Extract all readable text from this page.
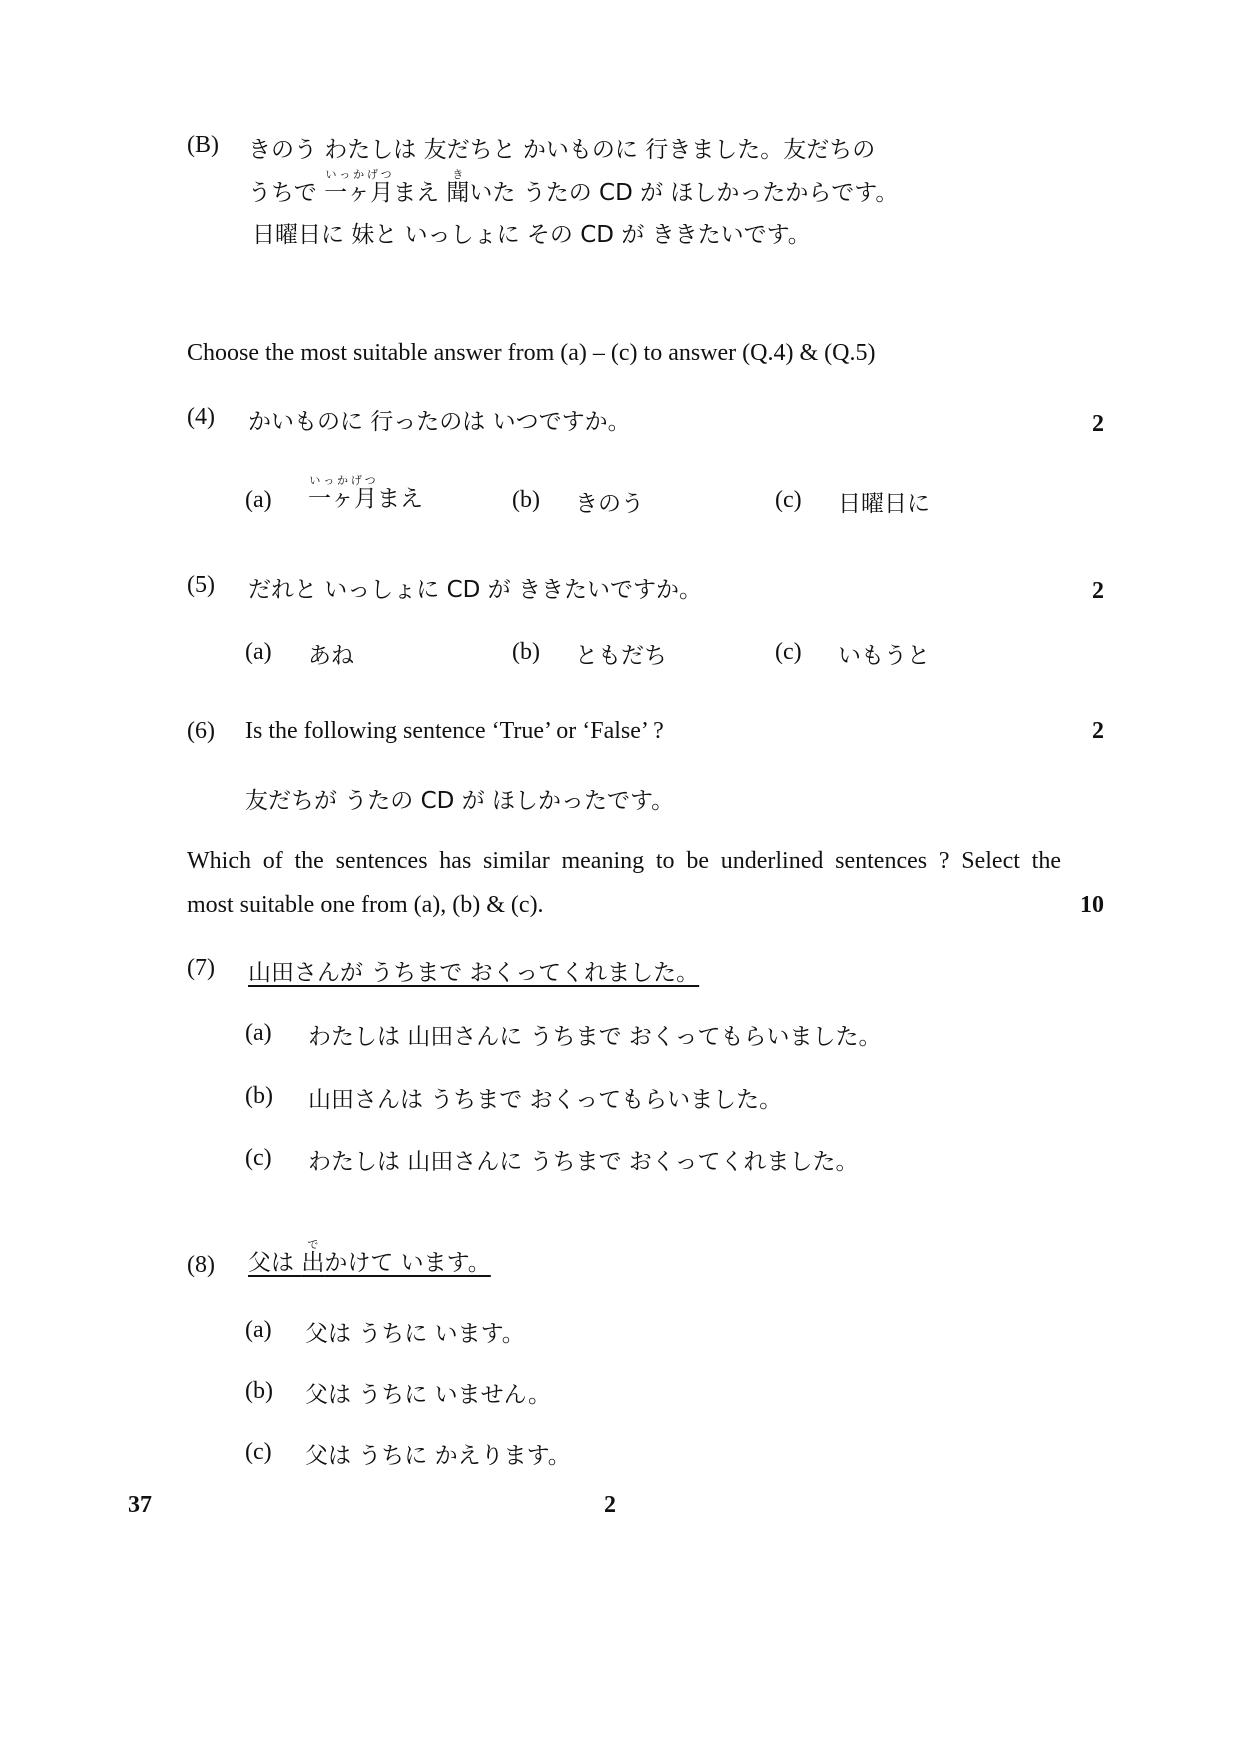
(B) きのう わたしは 友だちと かいものに 行きました。友だちの
うちで 一ヶ月いっかげつまえ 聞きいた うたの CD が ほしかったからです。
日曜日に 妹と いっしょに その CD が ききたいです。
Choose the most suitable answer from (a) – (c) to answer (Q.4) & (Q.5)
(4) かいものに 行ったのは いつですか。	2
(a) 一ヶ月いっかげつまえ	(b) きのう	(c) 日曜日に
(5) だれと いっしょに CD が ききたいですか。	2
(a) あね	(b) ともだち	(c) いもうと
(6) Is the following sentence ‘True’ or ‘False’ ?	2
友だちが うたの CD が ほしかったです。
Which of the sentences has similar meaning to be underlined sentences ? Select the
most suitable one from (a), (b) & (c).	10
(7) 山田さんが うちまで おくってくれました。
(a) わたしは 山田さんに うちまで おくってもらいました。
(b) 山田さんは うちまで おくってもらいました。
(c) わたしは 山田さんに うちまで おくってくれました。
(8) 父は 出でかけて います。
(a) 父は うちに います。
(b) 父は うちに いません。
(c) 父は うちに かえります。
37	2
